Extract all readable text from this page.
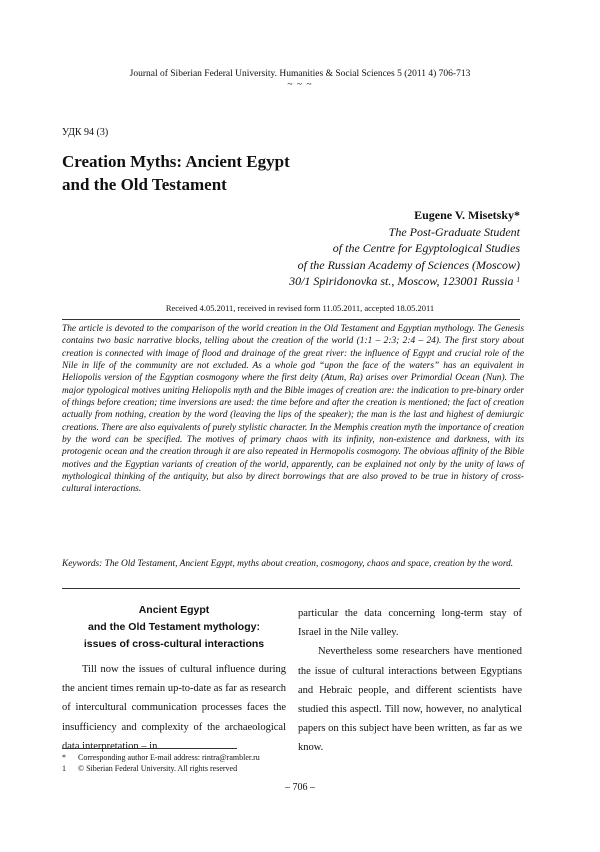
Journal of Siberian Federal University. Humanities & Social Sciences 5 (2011 4) 706-713
~ ~ ~
УДК 94 (3)
Creation Myths: Ancient Egypt
and the Old Testament
Eugene V. Misetsky*
The Post-Graduate Student
of the Centre for Egyptological Studies
of the Russian Academy of Sciences (Moscow)
30/1 Spiridonovka st., Moscow, 123001 Russia $^1$
Received 4.05.2011, received in revised form 11.05.2011, accepted 18.05.2011
The article is devoted to the comparison of the world creation in the Old Testament and Egyptian mythology. The Genesis contains two basic narrative blocks, telling about the creation of the world (1:1 – 2:3; 2:4 – 24). The first story about creation is connected with image of flood and drainage of the great river: the influence of Egypt and crucial role of the Nile in life of the community are not excluded. As a whole god “upon the face of the waters” has an equivalent in Heliopolis version of the Egyptian cosmogony where the first deity (Atum, Ra) arises over Primordial Ocean (Nun). The major typological motives uniting Heliopolis myth and the Bible images of creation are: the indication to pre-binary order of things before creation; time inversions are used: the time before and after the creation is mentioned; the fact of creation actually from nothing, creation by the word (leaving the lips of the speaker); the man is the last and highest of demiurgic creations. There are also equivalents of purely stylistic character. In the Memphis creation myth the importance of creation by the word can be specified. The motives of primary chaos with its infinity, non-existence and darkness, with its protogenic ocean and the creation through it are also repeated in Hermopolis cosmogony. The obvious affinity of the Bible motives and the Egyptian variants of creation of the world, apparently, can be explained not only by the unity of laws of mythological thinking of the antiquity, but also by direct borrowings that are also proved to be true in history of cross-cultural interactions.
Keywords: The Old Testament, Ancient Egypt, myths about creation, cosmogony, chaos and space, creation by the word.
Ancient Egypt
and the Old Testament mythology:
issues of cross-cultural interactions

Till now the issues of cultural influence during the ancient times remain up-to-date as far as research of intercultural communication processes faces the insufficiency and complexity of the archaeological data interpretation – in

particular the data concerning long-term stay of Israel in the Nile valley.

Nevertheless some researchers have mentioned the issue of cultural interactions between Egyptians and Hebraic people, and different scientists have studied this aspectl. Till now, however, no analytical papers on this subject have been written, as far as we know.

*	Corresponding author E-mail address: rintra@rambler.ru
1	© Siberian Federal University. All rights reserved
– 706 –
